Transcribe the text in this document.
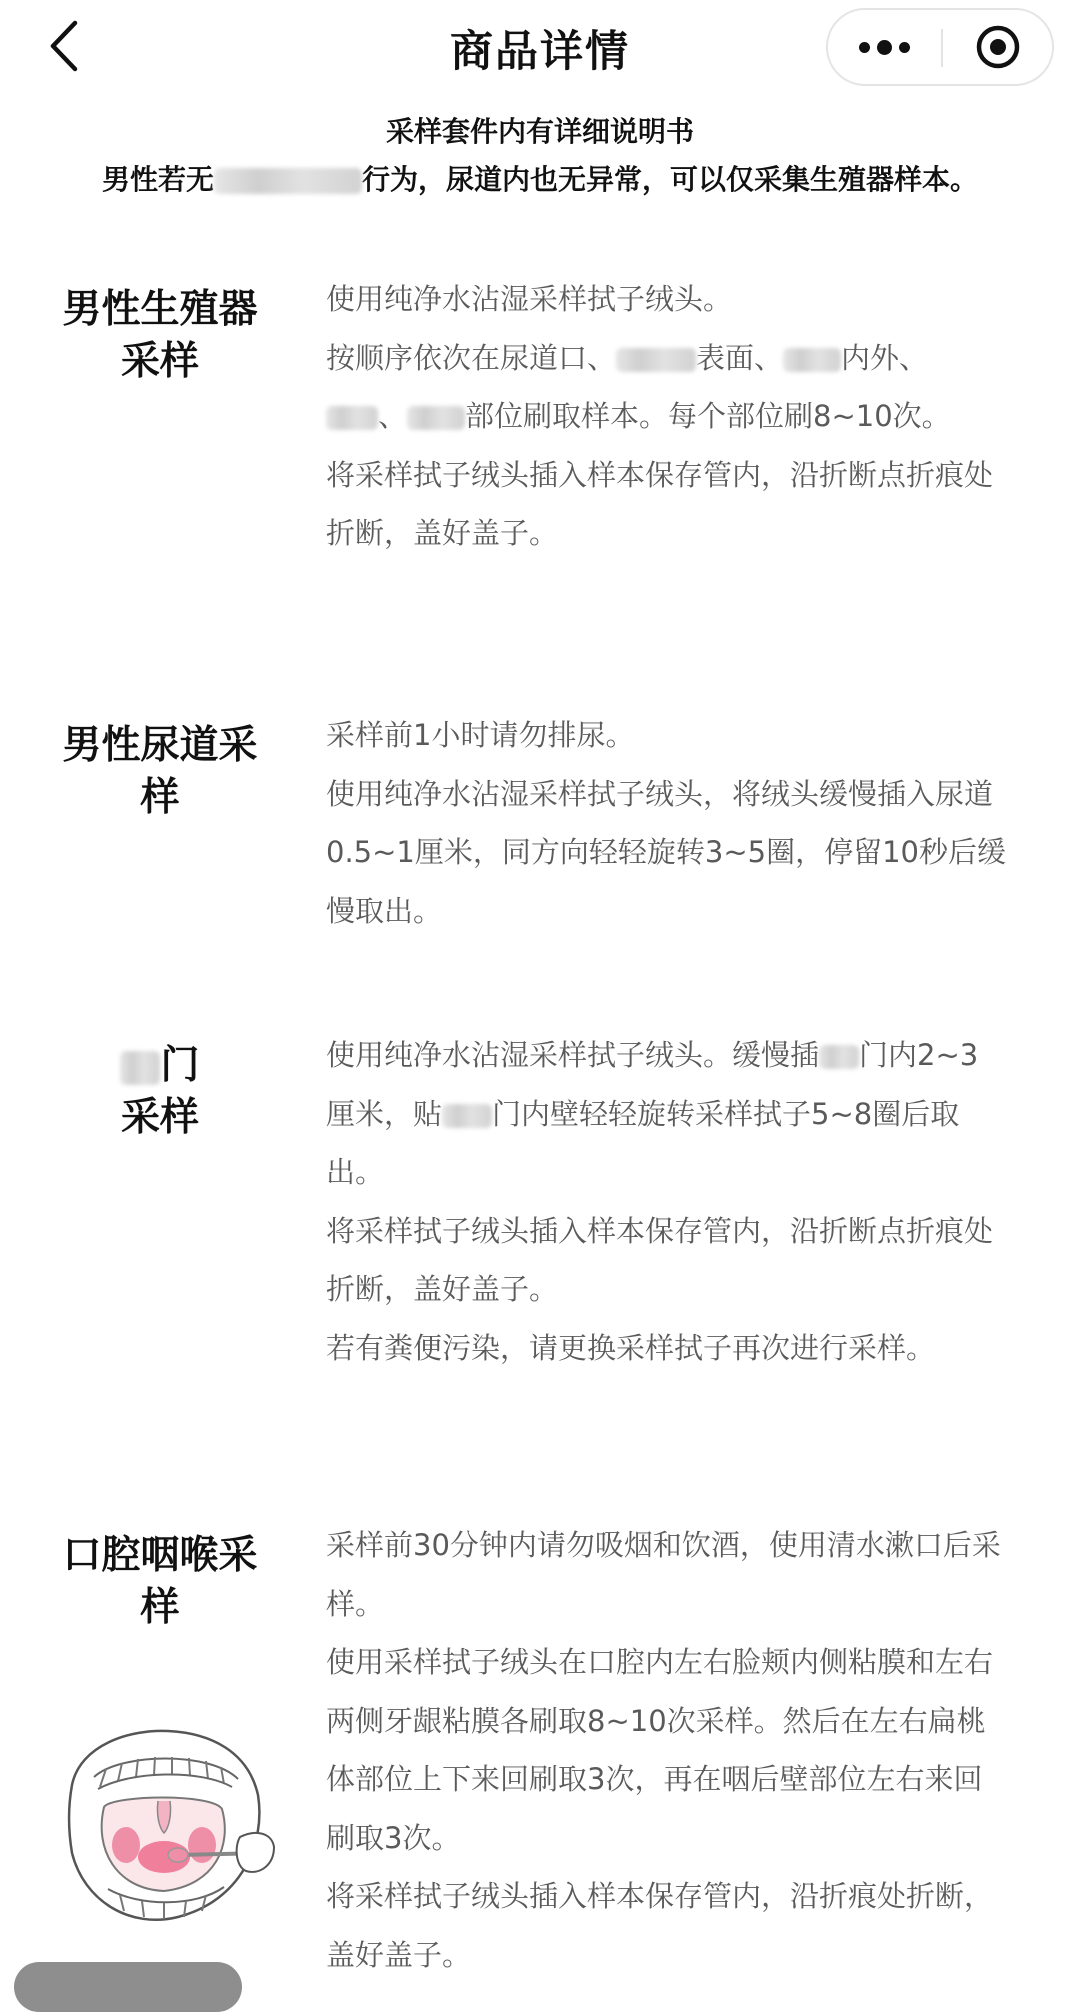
商品详情
采样套件内有详细说明书
男性若无	行为，尿道内也无异常，可以仅采集生殖器样本。
男性生殖器采样

使用纯净水沾湿采样拭子绒头。

按顺序依次在尿道口、	表面、 内外、
、 部位刷取样本。每个部位刷8~10次。

将采样拭子绒头插入样本保存管内，沿折断点折痕处折断，盖好盖子。

男性尿道采样

采样前1小时请勿排尿。

使用纯净水沾湿采样拭子绒头，将绒头缓慢插入尿道0.5~1厘米，同方向轻轻旋转3~5圈，停留10秒后缓慢取出。

门
采样

使用纯净水沾湿采样拭子绒头。缓慢插 门内2~3厘米，贴 门内壁轻轻旋转采样拭子5~8圈后取出。

将采样拭子绒头插入样本保存管内，沿折断点折痕处折断，盖好盖子。

若有粪便污染，请更换采样拭子再次进行采样。

口腔咽喉采样

采样前30分钟内请勿吸烟和饮酒，使用清水漱口后采样。

使用采样拭子绒头在口腔内左右脸颊内侧粘膜和左右两侧牙龈粘膜各刷取8~10次采样。然后在左右扁桃体部位上下来回刷取3次，再在咽后壁部位左右来回刷取3次。

将采样拭子绒头插入样本保存管内，沿折痕处折断，盖好盖子。
